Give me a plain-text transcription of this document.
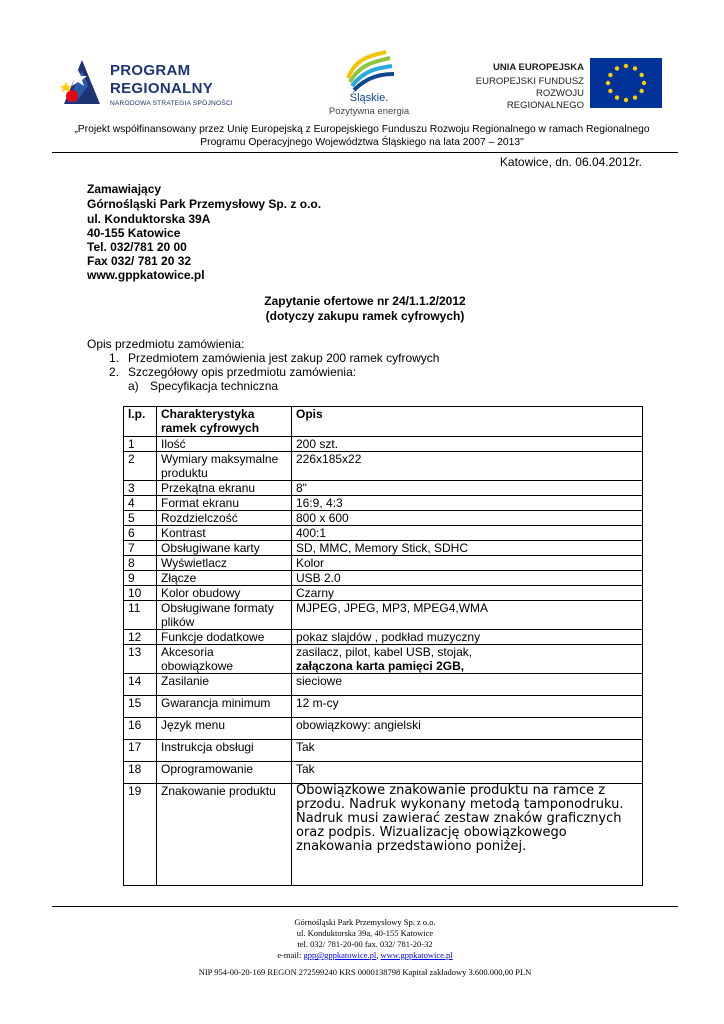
PROGRAM
REGIONALNY
NARODOWA STRATEGIA SPÓJNOŚCI	Śląskie.
Pozytywna energia
UNIA EUROPEJSKA
EUROPEJSKI FUNDUSZ
ROZWOJU REGIONALNEGO
„Projekt współfinansowany przez Unię Europejską z Europejskiego Funduszu Rozwoju Regionalnego w ramach Regionalnego
Programu Operacyjnego Województwa Śląskiego na lata 2007 – 2013"
Katowice, dn. 06.04.2012r.
Zamawiający
Górnośląski Park Przemysłowy Sp. z o.o.
ul. Konduktorska 39A
40-155 Katowice
Tel. 032/781 20 00
Fax 032/ 781 20 32
www.gppkatowice.pl
Zapytanie ofertowe nr 24/1.1.2/2012
(dotyczy zakupu ramek cyfrowych)
Opis przedmiotu zamówienia:
1. Przedmiotem zamówienia jest zakup 200 ramek cyfrowych
2. Szczegółowy opis przedmiotu zamówienia:
a) Specyfikacja techniczna
l.p.	Charakterystyka ramek cyfrowych	Opis
1	Ilość	200 szt.
2	Wymiary maksymalne produktu	226x185x22
3	Przekątna ekranu	8"
4	Format ekranu	16:9, 4:3
5	Rozdzielczość	800 x 600
6	Kontrast	400:1
7	Obsługiwane karty	SD, MMC, Memory Stick, SDHC
8	Wyświetlacz	Kolor
9	Złącze	USB 2.0
10	Kolor obudowy	Czarny
11	Obsługiwane formaty plików	MJPEG, JPEG, MP3, MPEG4,WMA
12	Funkcje dodatkowe	pokaz slajdów , podkład muzyczny
13	Akcesoria obowiązkowe	zasilacz, pilot, kabel USB, stojak,
załączona karta pamięci 2GB,

14	Zasilanie	sieciowe
15	Gwarancja minimum	12 m-cy
16	Język menu	obowiązkowy: angielski
17	Instrukcja obsługi	Tak
18	Oprogramowanie	Tak
19	Znakowanie produktu	Obowiązkowe znakowanie produktu na ramce z przodu. Nadruk wykonany metodą tamponodruku. Nadruk musi zawierać zestaw znaków graficznych oraz podpis. Wizualizację obowiązkowego znakowania przedstawiono poniżej.
Górnośląski Park Przemysłowy Sp. z o.o.
ul. Konduktorska 39a, 40-155 Katowice
tel. 032/ 781-20-00 fax. 032/ 781-20-32
e-mail: gpp@gppkatowice.pl, www.gppkatowice.pl
NIP 954-00-20-169 REGON 272599240 KRS 0000138798 Kapitał zakładowy 3.600.000,00 PLN
